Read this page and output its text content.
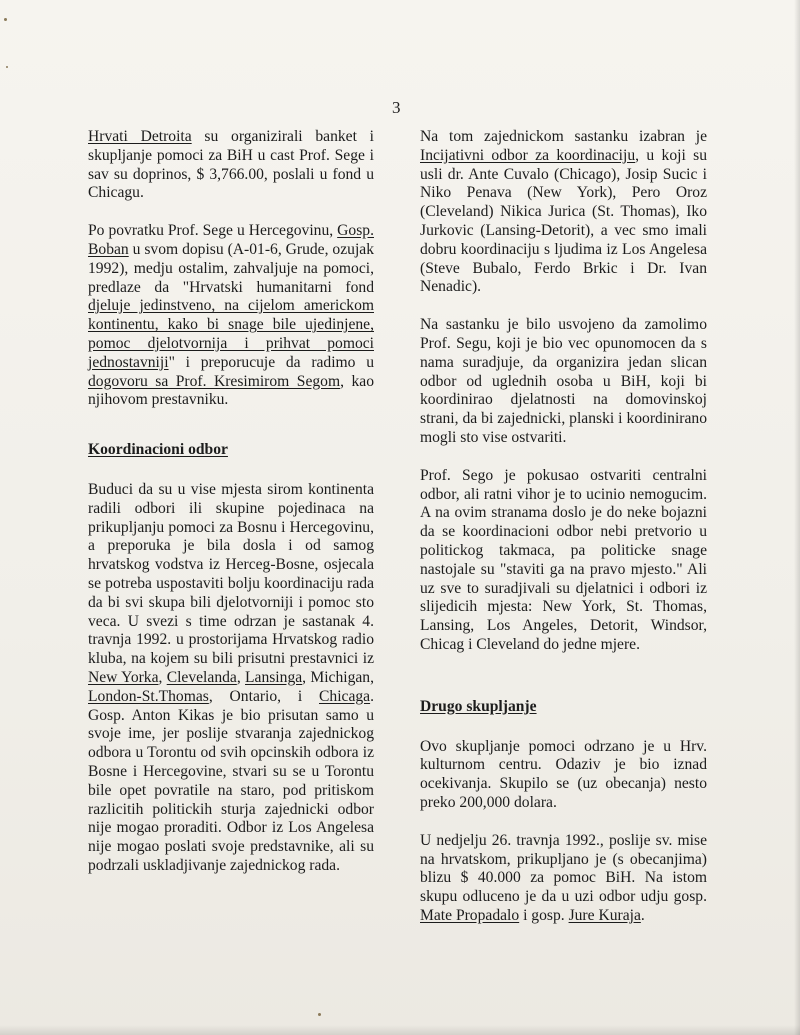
3

Hrvati Detroita su organizirali banket i skupljanje pomoci za BiH u cast Prof. Sege i sav su doprinos, $ 3,766.00, poslali u fond u Chicagu.

Po povratku Prof. Sege u Hercegovinu, Gosp. Boban u svom dopisu (A-01-6, Grude, ozujak 1992), medju ostalim, zahvaljuje na pomoci, predlaze da "Hrvatski humanitarni fond djeluje jedinstveno, na cijelom americkom kontinentu, kako bi snage bile ujedinjene, pomoc djelotvornija i prihvat pomoci jednostavniji" i preporucuje da radimo u dogovoru sa Prof. Kresimirom Segom, kao njihovom prestavniku.

Koordinacioni odbor

Buduci da su u vise mjesta sirom kontinenta radili odbori ili skupine pojedinaca na prikupljanju pomoci za Bosnu i Hercegovinu, a preporuka je bila dosla i od samog hrvatskog vodstva iz Herceg-Bosne, osjecala se potreba uspostaviti bolju koordinaciju rada da bi svi skupa bili djelotvorniji i pomoc sto veca. U svezi s time odrzan je sastanak 4. travnja 1992. u prostorijama Hrvatskog radio kluba, na kojem su bili prisutni prestavnici iz New Yorka, Clevelanda, Lansinga, Michigan, London-St.Thomas, Ontario, i Chicaga. Gosp. Anton Kikas je bio prisutan samo u svoje ime, jer poslije stvaranja zajednickog odbora u Torontu od svih opcinskih odbora iz Bosne i Hercegovine, stvari su se u Torontu bile opet povratile na staro, pod pritiskom razlicitih politickih sturja zajednicki odbor nije mogao proraditi. Odbor iz Los Angelesa nije mogao poslati svoje predstavnike, ali su podrzali uskladjivanje zajednickog rada.

Na tom zajednickom sastanku izabran je Incijativni odbor za koordinaciju, u koji su usli dr. Ante Cuvalo (Chicago), Josip Sucic i Niko Penava (New York), Pero Oroz (Cleveland) Nikica Jurica (St. Thomas), Iko Jurkovic (Lansing-Detorit), a vec smo imali dobru koordinaciju s ljudima iz Los Angelesa (Steve Bubalo, Ferdo Brkic i Dr. Ivan Nenadic).

Na sastanku je bilo usvojeno da zamolimo Prof. Segu, koji je bio vec opunomocen da s nama suradjuje, da organizira jedan slican odbor od uglednih osoba u BiH, koji bi koordinirao djelatnosti na domovinskoj strani, da bi zajednicki, planski i koordinirano mogli sto vise ostvariti.

Prof. Sego je pokusao ostvariti centralni odbor, ali ratni vihor je to ucinio nemogucim. A na ovim stranama doslo je do neke bojazni da se koordinacioni odbor nebi pretvorio u politickog takmaca, pa politicke snage nastojale su "staviti ga na pravo mjesto." Ali uz sve to suradjivali su djelatnici i odbori iz slijedicih mjesta: New York, St. Thomas, Lansing, Los Angeles, Detorit, Windsor, Chicag i Cleveland do jedne mjere.

Drugo skupljanje

Ovo skupljanje pomoci odrzano je u Hrv. kulturnom centru. Odaziv je bio iznad ocekivanja. Skupilo se (uz obecanja) nesto preko 200,000 dolara.

U nedjelju 26. travnja 1992., poslije sv. mise na hrvatskom, prikupljano je (s obecanjima) blizu $ 40.000 za pomoc BiH. Na istom skupu odluceno je da u uzi odbor udju gosp. Mate Propadalo i gosp. Jure Kuraja.
